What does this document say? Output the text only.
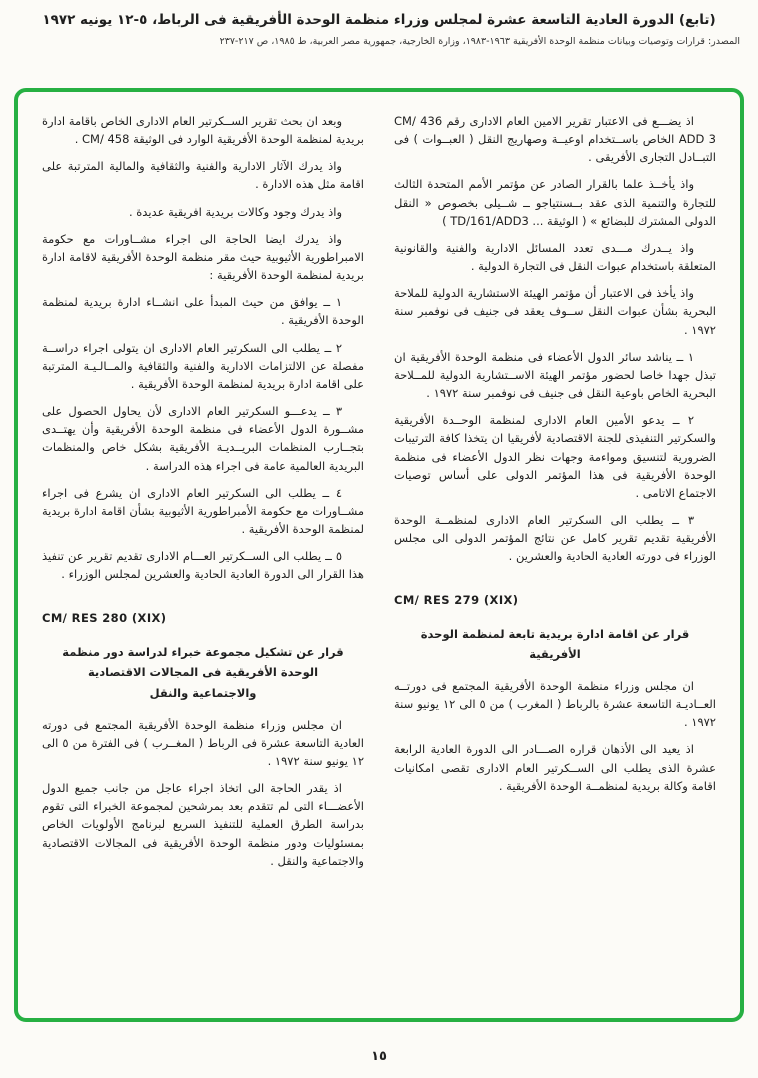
(تابع) الدورة العادية التاسعة عشرة لمجلس وزراء منظمة الوحدة الأفريقية فى الرباط، ٥-١٢ يونيه ١٩٧٢
المصدر: قرارات وتوصيات وبيانات منظمة الوحدة الأفريقية ١٩٦٣-١٩٨٣، وزارة الخارجية، جمهورية مصر العربية، ط ١٩٨٥، ص ٢١٧-٢٣٧

اذ يضـــع فى الاعتبار تقرير الامين العام الادارى رقم CM/ 436 ADD 3 الخاص باســتخدام اوعيــة وصهاريج النقل ( العبــوات ) فى التبــادل التجارى الأفريقى .

واذ يأخــذ علما بالقرار الصادر عن مؤتمر الأمم المتحدة الثالث للتجارة والتنمية الذى عقد بــسنتياجو ــ شــيلى بخصوص « النقل الدولى المشترك للبضائع » ( الوثيقة ... TD/161/ADD3 )

واذ يــدرك مـــدى تعدد المسائل الادارية والفنية والقانونية المتعلقة باستخدام عبوات النقل فى التجارة الدولية .

واذ يأخذ فى الاعتبار أن مؤتمر الهيئة الاستشارية الدولية للملاحة البحرية بشأن عبوات النقل ســوف يعقد فى جنيف فى نوفمبر سنة ١٩٧٢ .

١ ــ يناشد سائر الدول الأعضاء فى منظمة الوحدة الأفريقية ان تبذل جهدا خاصا لحضور مؤتمر الهيئة الاســتشارية الدولية للمــلاحة البحرية الخاص باوعية النقل فى جنيف فى نوفمبر سنة ١٩٧٢ .

٢ ــ يدعو الأمين العام الادارى لمنظمة الوحــدة الأفريقية والسكرتير التنفيذى للجنة الاقتصادية لأفريقيا ان يتخذا كافة الترتيبات الضرورية لتنسيق ومواءمة وجهات نظر الدول الأعضاء فى منظمة الوحدة الأفريقية فى هذا المؤتمر الدولى على أساس توصيات الاجتماع الاتامى .

٣ ــ يطلب الى السكرتير العام الادارى لمنظمــة الوحدة الأفريقية تقديم تقرير كامل عن نتائج المؤتمر الدولى الى مجلس الوزراء فى دورته العادية الحادية والعشرين .

CM/ RES 279 (XIX)

قرار عن اقامة ادارة بريدية تابعة لمنظمة الوحدة الأفريقية

ان مجلس وزراء منظمة الوحدة الأفريقية المجتمع فى دورتــه العــاديـة التاسعة عشرة بالرباط ( المغرب ) من ٥ الى ١٢ يونيو سنة ١٩٧٢ .

اذ يعيد الى الأذهان قراره الصـــادر الى الدورة العادية الرابعة عشرة الذى يطلب الى الســكرتير العام الادارى تقصى امكانيات اقامة وكالة بريدية لمنظمــة الوحدة الأفريقية .

وبعد ان بحث تقرير الســكرتير العام الادارى الخاص باقامة ادارة بريدية لمنظمة الوحدة الأفريقية الوارد فى الوثيقة CM/ 458 .

واذ يدرك الآثار الادارية والفنية والثقافية والمالية المترتبة على اقامة مثل هذه الادارة .

واذ يدرك وجود وكالات بريدية افريقية عديدة .

واذ يدرك ايضا الحاجة الى اجراء مشــاورات مع حكومة الامبراطورية الأثيوبية حيث مقر منظمة الوحدة الأفريقية لاقامة ادارة بريدية لمنظمة الوحدة الأفريقية :

١ ــ يوافق من حيث المبدأ على انشــاء ادارة بريدية لمنظمة الوحدة الأفريقية .

٢ ــ يطلب الى السكرتير العام الادارى ان يتولى اجراء دراســة مفصلة عن الالتزامات الادارية والفنية والثقافية والمــالـيـة المترتبة على اقامة ادارة بريدية لمنظمة الوحدة الأفريقية .

٣ ــ يدعـــو السكرتير العام الادارى لأن يحاول الحصول على مشــورة الدول الأعضاء فى منظمة الوحدة الأفريقية وأن يهتــدى بتجــارب المنظمات البريــديـة الأفريقية بشكل خاص والمنظمات البريدية العالمية عامة فى اجراء هذه الدراسة .

٤ ــ يطلب الى السكرتير العام الادارى ان يشرع فى اجراء مشــاورات مع حكومة الأمبراطورية الأثيوبية بشأن اقامة ادارة بريدية لمنظمة الوحدة الأفريقية .

٥ ــ يطلب الى الســكرتير العـــام الادارى تقديم تقرير عن تنفيذ هذا القرار الى الدورة العادية الحادية والعشرين لمجلس الوزراء .

CM/ RES 280 (XIX)

قرار عن تشكيل مجموعة خبراء لدراسة دور منظمة الوحدة الأفريقية فى المجالات الاقتصادية والاجتماعية والنقل

ان مجلس وزراء منظمة الوحدة الأفريقية المجتمع فى دورته العادية التاسعة عشرة فى الرباط ( المغــرب ) فى الفترة من ٥ الى ١٢ يونيو سنة ١٩٧٢ .

اذ يقدر الحاجة الى اتخاذ اجراء عاجل من جانب جميع الدول الأعضـــاء التى لم تتقدم بعد بمرشحين لمجموعة الخبراء التى تقوم بدراسة الطرق العملية للتنفيذ السريع لبرنامج الأولويات الخاص بمسئوليات ودور منظمة الوحدة الأفريقية فى المجالات الاقتصادية والاجتماعية والنقل .

١٥
